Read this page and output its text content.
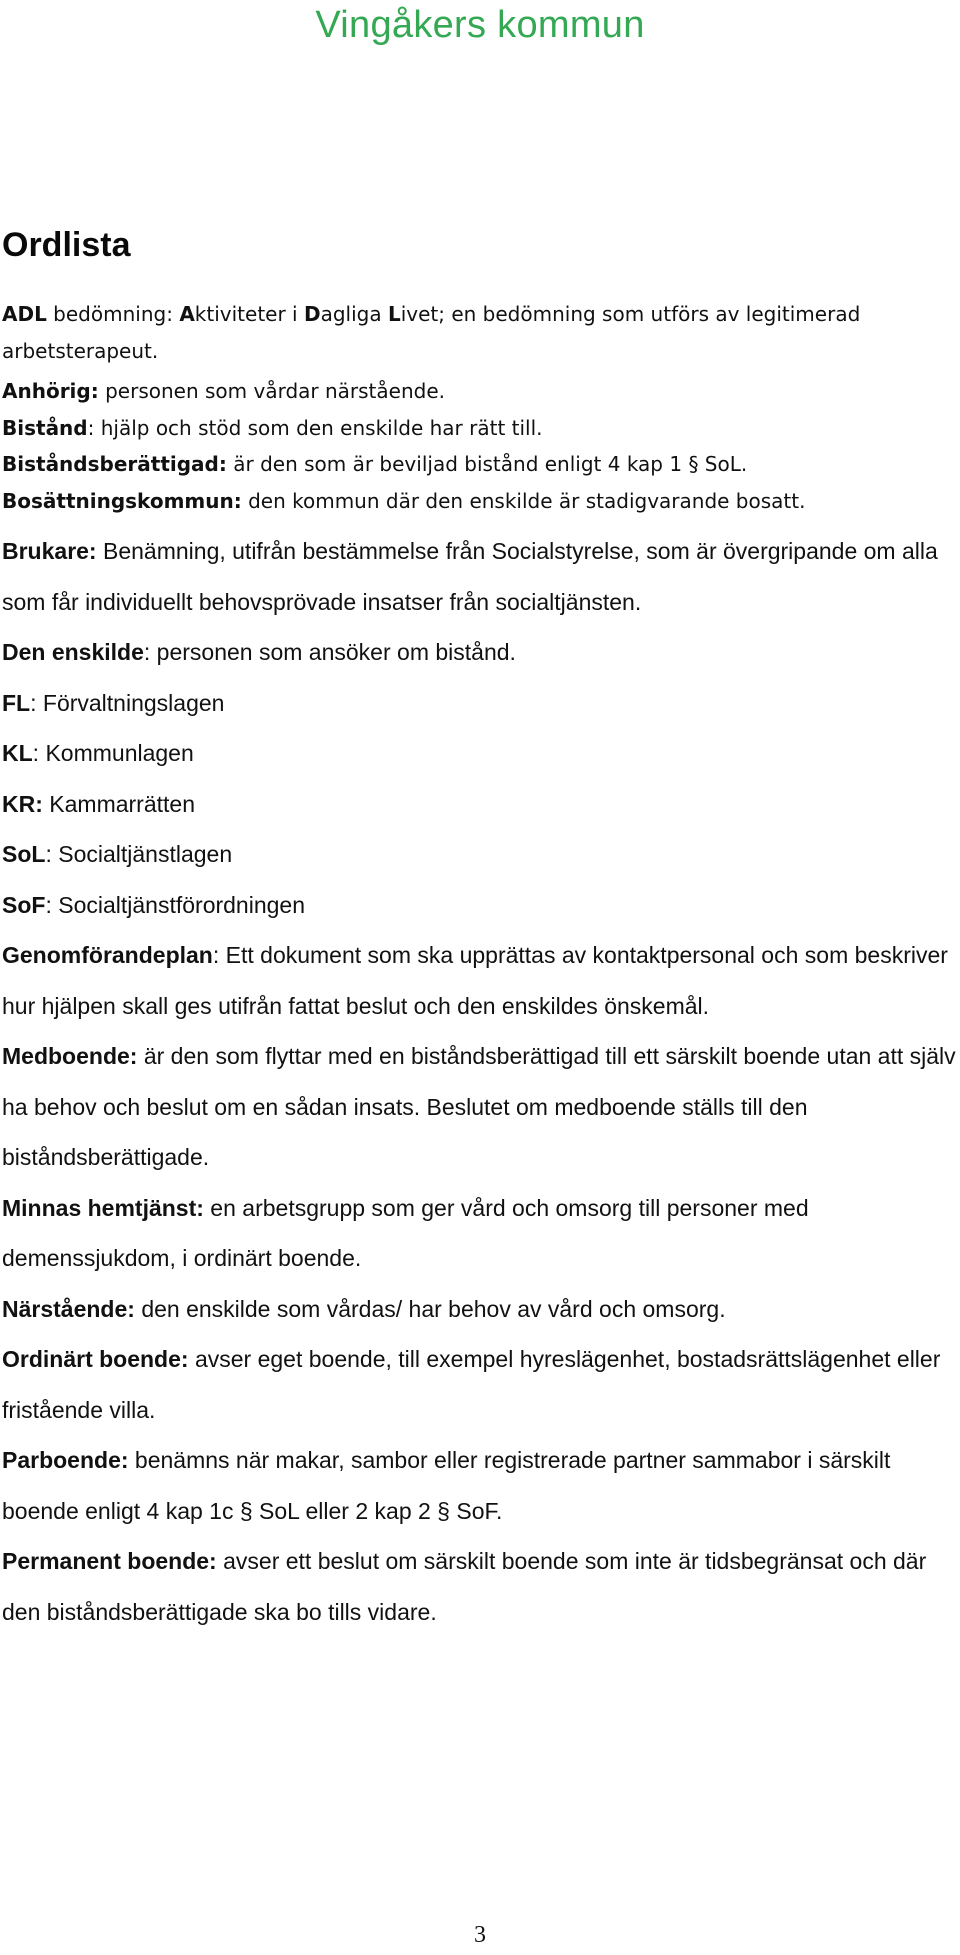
Vingåkers kommun
Ordlista

ADL bedömning: Aktiviteter i Dagliga Livet; en bedömning som utförs av legitimerad arbetsterapeut.

Anhörig: personen som vårdar närstående.

Bistånd: hjälp och stöd som den enskilde har rätt till.

Biståndsberättigad: är den som är beviljad bistånd enligt 4 kap 1 § SoL.

Bosättningskommun: den kommun där den enskilde är stadigvarande bosatt.

Brukare: Benämning, utifrån bestämmelse från Socialstyrelse, som är övergripande om alla som får individuellt behovsprövade insatser från socialtjänsten.

Den enskilde: personen som ansöker om bistånd.

FL: Förvaltningslagen

KL: Kommunlagen

KR: Kammarrätten

SoL: Socialtjänstlagen

SoF: Socialtjänstförordningen

Genomförandeplan: Ett dokument som ska upprättas av kontaktpersonal och som beskriver hur hjälpen skall ges utifrån fattat beslut och den enskildes önskemål.

Medboende: är den som flyttar med en biståndsberättigad till ett särskilt boende utan att själv ha behov och beslut om en sådan insats. Beslutet om medboende ställs till den biståndsberättigade.

Minnas hemtjänst: en arbetsgrupp som ger vård och omsorg till personer med demenssjukdom, i ordinärt boende.

Närstående: den enskilde som vårdas/ har behov av vård och omsorg.

Ordinärt boende: avser eget boende, till exempel hyreslägenhet, bostadsrättslägenhet eller fristående villa.

Parboende: benämns när makar, sambor eller registrerade partner sammabor i särskilt boende enligt 4 kap 1c § SoL eller 2 kap 2 § SoF.

Permanent boende: avser ett beslut om särskilt boende som inte är tidsbegränsat och där den biståndsberättigade ska bo tills vidare.

3
